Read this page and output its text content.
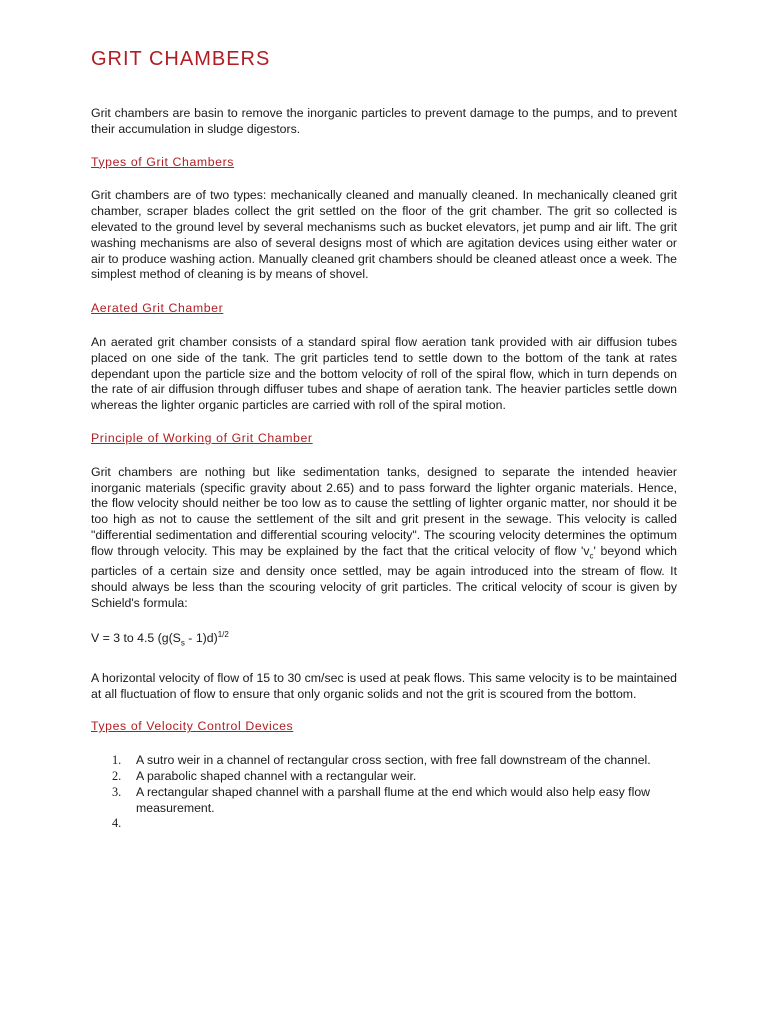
GRIT CHAMBERS

Grit chambers are basin to remove the inorganic particles to prevent damage to the pumps, and to prevent their accumulation in sludge digestors.

Types of Grit Chambers

Grit chambers are of two types: mechanically cleaned and manually cleaned. In mechanically cleaned grit chamber, scraper blades collect the grit settled on the floor of the grit chamber. The grit so collected is elevated to the ground level by several mechanisms such as bucket elevators, jet pump and air lift. The grit washing mechanisms are also of several designs most of which are agitation devices using either water or air to produce washing action. Manually cleaned grit chambers should be cleaned atleast once a week. The simplest method of cleaning is by means of shovel.

Aerated Grit Chamber

An aerated grit chamber consists of a standard spiral flow aeration tank provided with air diffusion tubes placed on one side of the tank. The grit particles tend to settle down to the bottom of the tank at rates dependant upon the particle size and the bottom velocity of roll of the spiral flow, which in turn depends on the rate of air diffusion through diffuser tubes and shape of aeration tank. The heavier particles settle down whereas the lighter organic particles are carried with roll of the spiral motion.

Principle of Working of Grit Chamber

Grit chambers are nothing but like sedimentation tanks, designed to separate the intended heavier inorganic materials (specific gravity about 2.65) and to pass forward the lighter organic materials. Hence, the flow velocity should neither be too low as to cause the settling of lighter organic matter, nor should it be too high as not to cause the settlement of the silt and grit present in the sewage. This velocity is called "differential sedimentation and differential scouring velocity". The scouring velocity determines the optimum flow through velocity. This may be explained by the fact that the critical velocity of flow '$v_c$' beyond which particles of a certain size and density once settled, may be again introduced into the stream of flow. It should always be less than the scouring velocity of grit particles. The critical velocity of scour is given by Schield's formula:

V = 3 to 4.5 $(g(S_s - 1)d)^{1/2}$

A horizontal velocity of flow of 15 to 30 cm/sec is used at peak flows. This same velocity is to be maintained at all fluctuation of flow to ensure that only organic solids and not the grit is scoured from the bottom.

Types of Velocity Control Devices
1. A sutro weir in a channel of rectangular cross section, with free fall downstream of the channel.
2. A parabolic shaped channel with a rectangular weir.
3. A rectangular shaped channel with a parshall flume at the end which would also help easy flow measurement.
4.
